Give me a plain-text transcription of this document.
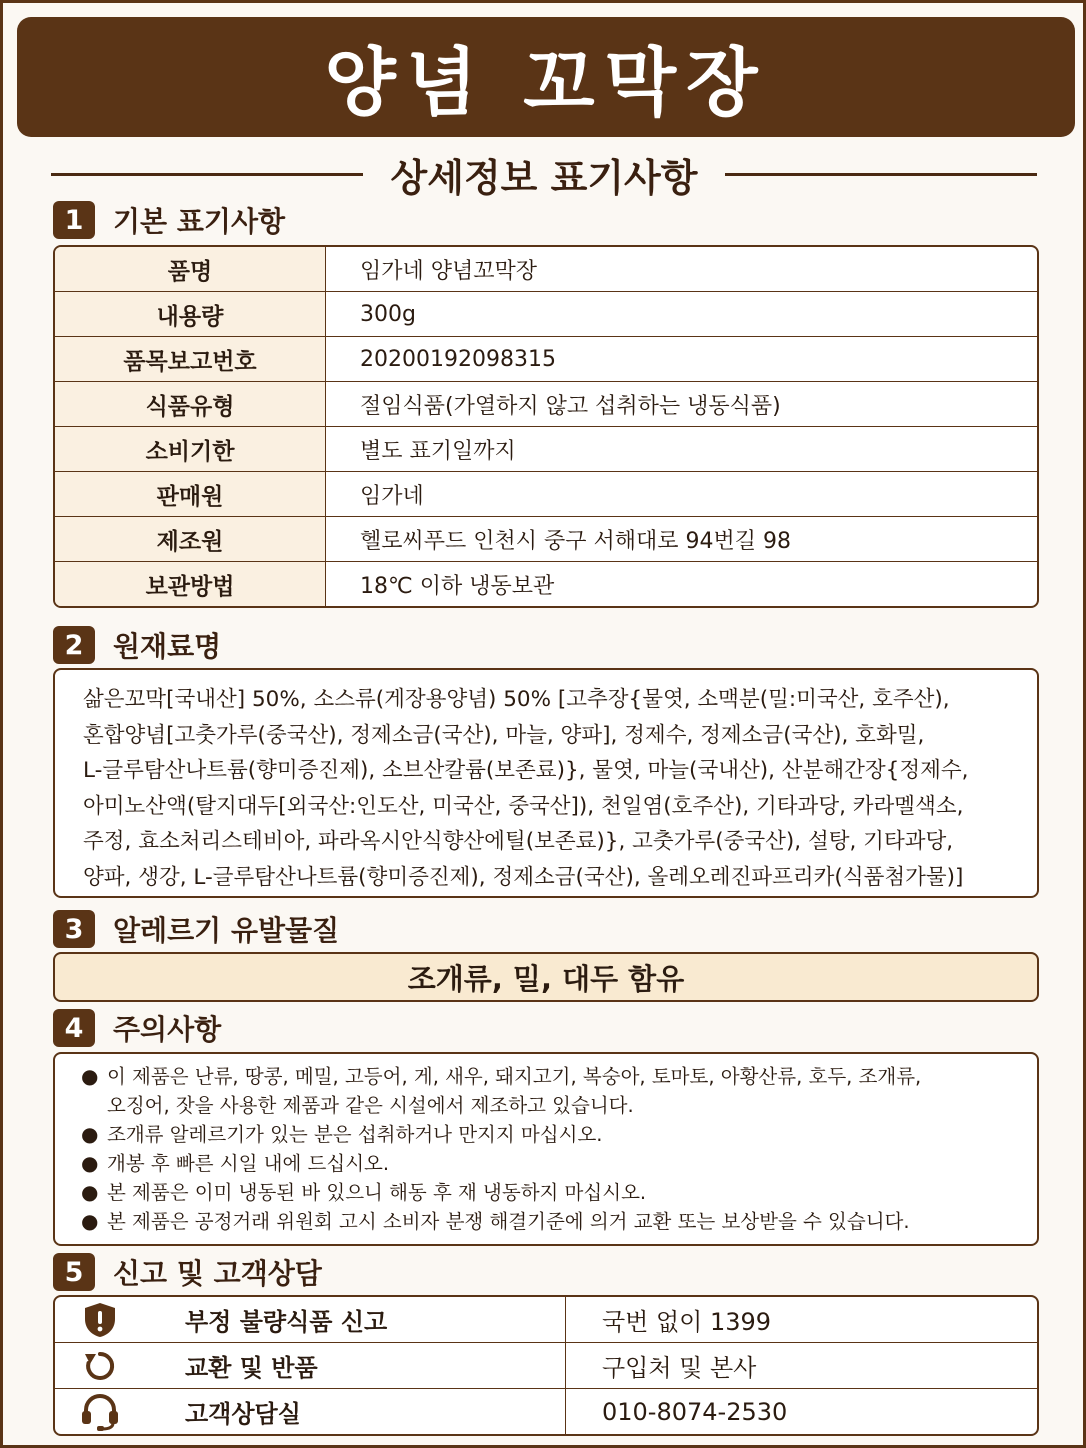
양념 꼬막장
상세정보 표기사항
1	기본 표기사항
품명	임가네 양념꼬막장
내용량	300g
품목보고번호	20200192098315
식품유형	절임식품(가열하지 않고 섭취하는 냉동식품)
소비기한	별도 표기일까지
판매원	임가네
제조원	헬로씨푸드 인천시 중구 서해대로 94번길 98
보관방법	18℃ 이하 냉동보관
2	원재료명

삶은꼬막[국내산] 50%, 소스류(게장용양념) 50% [고추장{물엿, 소맥분(밀:미국산, 호주산),

혼합양념[고춧가루(중국산), 정제소금(국산), 마늘, 양파], 정제수, 정제소금(국산), 호화밀,

L-글루탐산나트륨(향미증진제), 소브산칼륨(보존료)}, 물엿, 마늘(국내산), 산분해간장{정제수,

아미노산액(탈지대두[외국산:인도산, 미국산, 중국산]), 천일염(호주산), 기타과당, 카라멜색소,

주정, 효소처리스테비아, 파라옥시안식향산에틸(보존료)}, 고춧가루(중국산), 설탕, 기타과당,

양파, 생강, L-글루탐산나트륨(향미증진제), 정제소금(국산), 올레오레진파프리카(식품첨가물)]

3	알레르기 유발물질
조개류, 밀, 대두 함유
4	주의사항
● 이 제품은 난류, 땅콩, 메밀, 고등어, 게, 새우, 돼지고기, 복숭아, 토마토, 아황산류, 호두, 조개류,
오징어, 잣을 사용한 제품과 같은 시설에서 제조하고 있습니다.
● 조개류 알레르기가 있는 분은 섭취하거나 만지지 마십시오.
● 개봉 후 빠른 시일 내에 드십시오.
● 본 제품은 이미 냉동된 바 있으니 해동 후 재 냉동하지 마십시오.
● 본 제품은 공정거래 위원회 고시 소비자 분쟁 해결기준에 의거 교환 또는 보상받을 수 있습니다.
5	신고 및 고객상담
	부정 불량식품 신고	국번 없이 1399
	교환 및 반품	구입처 및 본사
	고객상담실	010-8074-2530
